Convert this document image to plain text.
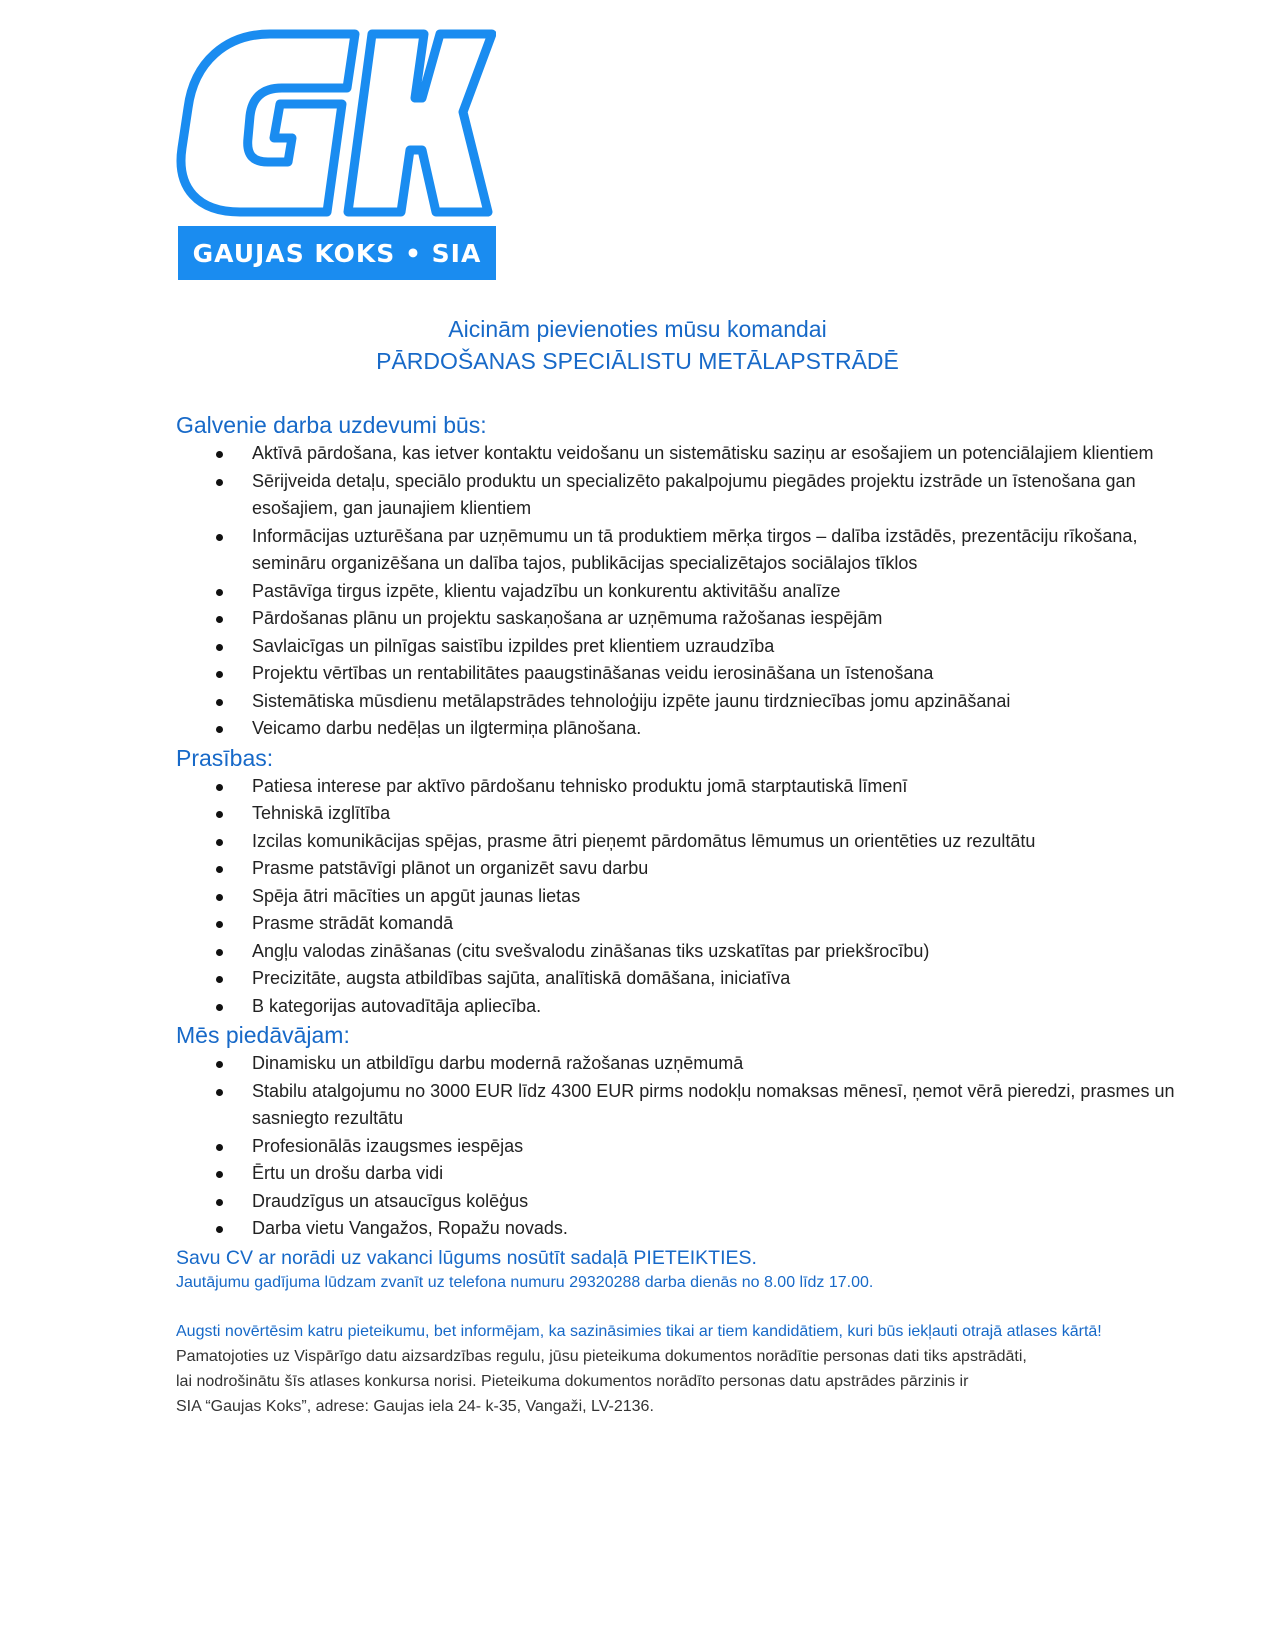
GAUJAS KOKS • SIA
Aicinām pievienoties mūsu komandai
PĀRDOŠANAS SPECIĀLISTU METĀLAPSTRĀDĒ
Galvenie darba uzdevumi būs:
Aktīvā pārdošana, kas ietver kontaktu veidošanu un sistemātisku saziņu ar esošajiem un potenciālajiem klientiem
Sērijveida detaļu, speciālo produktu un specializēto pakalpojumu piegādes projektu izstrāde un īstenošana gan esošajiem, gan jaunajiem klientiem
Informācijas uzturēšana par uzņēmumu un tā produktiem mērķa tirgos – dalība izstādēs, prezentāciju rīkošana, semināru organizēšana un dalība tajos, publikācijas specializētajos sociālajos tīklos
Pastāvīga tirgus izpēte, klientu vajadzību un konkurentu aktivitāšu analīze
Pārdošanas plānu un projektu saskaņošana ar uzņēmuma ražošanas iespējām
Savlaicīgas un pilnīgas saistību izpildes pret klientiem uzraudzība
Projektu vērtības un rentabilitātes paaugstināšanas veidu ierosināšana un īstenošana
Sistemātiska mūsdienu metālapstrādes tehnoloģiju izpēte jaunu tirdzniecības jomu apzināšanai
Veicamo darbu nedēļas un ilgtermiņa plānošana.
Prasības:
Patiesa interese par aktīvo pārdošanu tehnisko produktu jomā starptautiskā līmenī
Tehniskā izglītība
Izcilas komunikācijas spējas, prasme ātri pieņemt pārdomātus lēmumus un orientēties uz rezultātu
Prasme patstāvīgi plānot un organizēt savu darbu
Spēja ātri mācīties un apgūt jaunas lietas
Prasme strādāt komandā
Angļu valodas zināšanas (citu svešvalodu zināšanas tiks uzskatītas par priekšrocību)
Precizitāte, augsta atbildības sajūta, analītiskā domāšana, iniciatīva
B kategorijas autovadītāja apliecība.
Mēs piedāvājam:
Dinamisku un atbildīgu darbu modernā ražošanas uzņēmumā
Stabilu atalgojumu no 3000 EUR līdz 4300 EUR pirms nodokļu nomaksas mēnesī, ņemot vērā pieredzi, prasmes un sasniegto rezultātu
Profesionālās izaugsmes iespējas
Ērtu un drošu darba vidi
Draudzīgus un atsaucīgus kolēģus
Darba vietu Vangažos, Ropažu novads.
Savu CV ar norādi uz vakanci lūgums nosūtīt sadaļā PIETEIKTIES.
Jautājumu gadījuma lūdzam zvanīt uz telefona numuru 29320288 darba dienās no 8.00 līdz 17.00.
Augsti novērtēsim katru pieteikumu, bet informējam, ka sazināsimies tikai ar tiem kandidātiem, kuri būs iekļauti otrajā atlases kārtā!
Pamatojoties uz Vispārīgo datu aizsardzības regulu, jūsu pieteikuma dokumentos norādītie personas dati tiks apstrādāti,
lai nodrošinātu šīs atlases konkursa norisi. Pieteikuma dokumentos norādīto personas datu apstrādes pārzinis ir
SIA “Gaujas Koks”, adrese: Gaujas iela 24- k-35, Vangaži, LV-2136.
